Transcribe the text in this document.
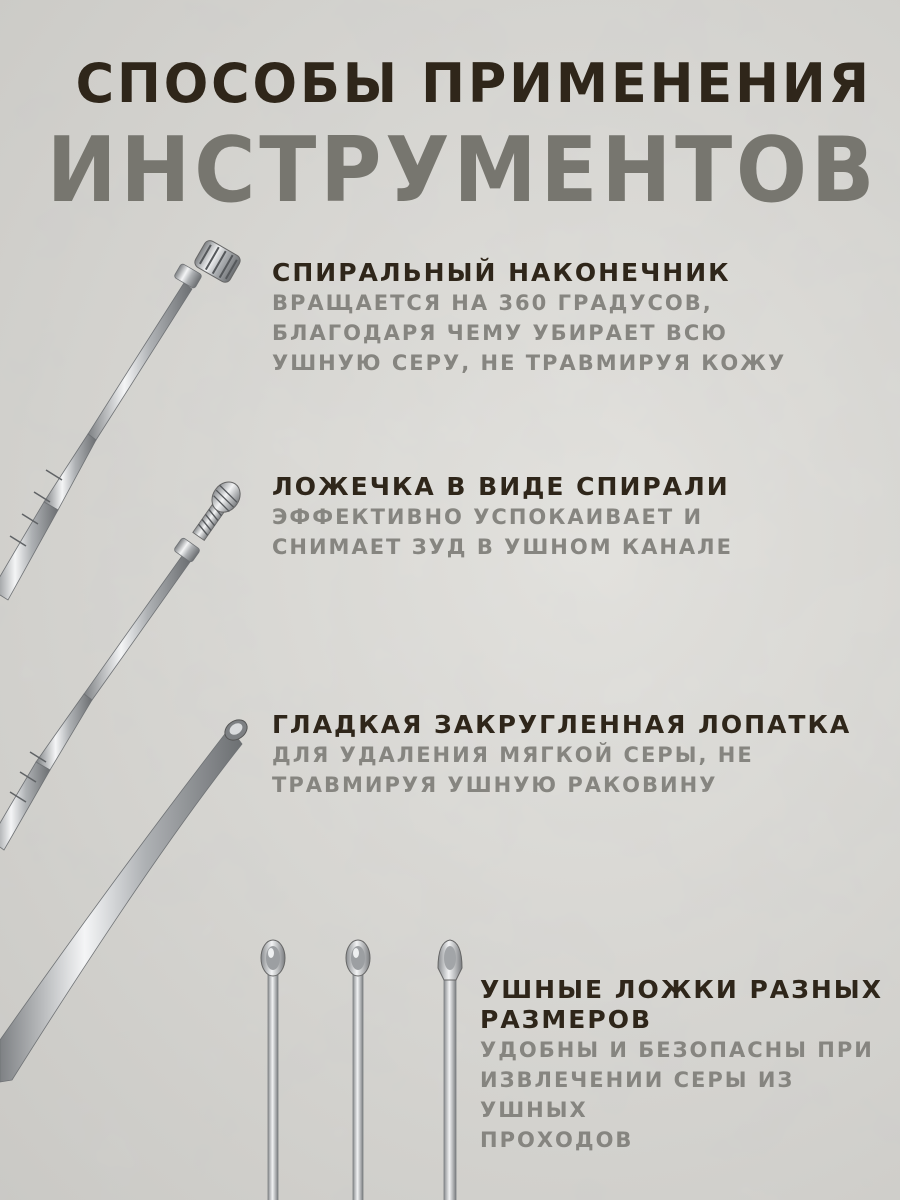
СПОСОБЫ ПРИМЕНЕНИЯ
ИНСТРУМЕНТОВ
СПИРАЛЬНЫЙ НАКОНЕЧНИК

ВРАЩАЕТСЯ НА 360 ГРАДУСОВ,
БЛАГОДАРЯ ЧЕМУ УБИРАЕТ ВСЮ
УШНУЮ СЕРУ, НЕ ТРАВМИРУЯ КОЖУ

ЛОЖЕЧКА В ВИДЕ СПИРАЛИ

ЭФФЕКТИВНО УСПОКАИВАЕТ И
СНИМАЕТ ЗУД В УШНОМ КАНАЛЕ

ГЛАДКАЯ ЗАКРУГЛЕННАЯ ЛОПАТКА

ДЛЯ УДАЛЕНИЯ МЯГКОЙ СЕРЫ, НЕ
ТРАВМИРУЯ УШНУЮ РАКОВИНУ

УШНЫЕ ЛОЖКИ РАЗНЫХ
РАЗМЕРОВ

УДОБНЫ И БЕЗОПАСНЫ ПРИ
ИЗВЛЕЧЕНИИ СЕРЫ ИЗ УШНЫХ
ПРОХОДОВ
